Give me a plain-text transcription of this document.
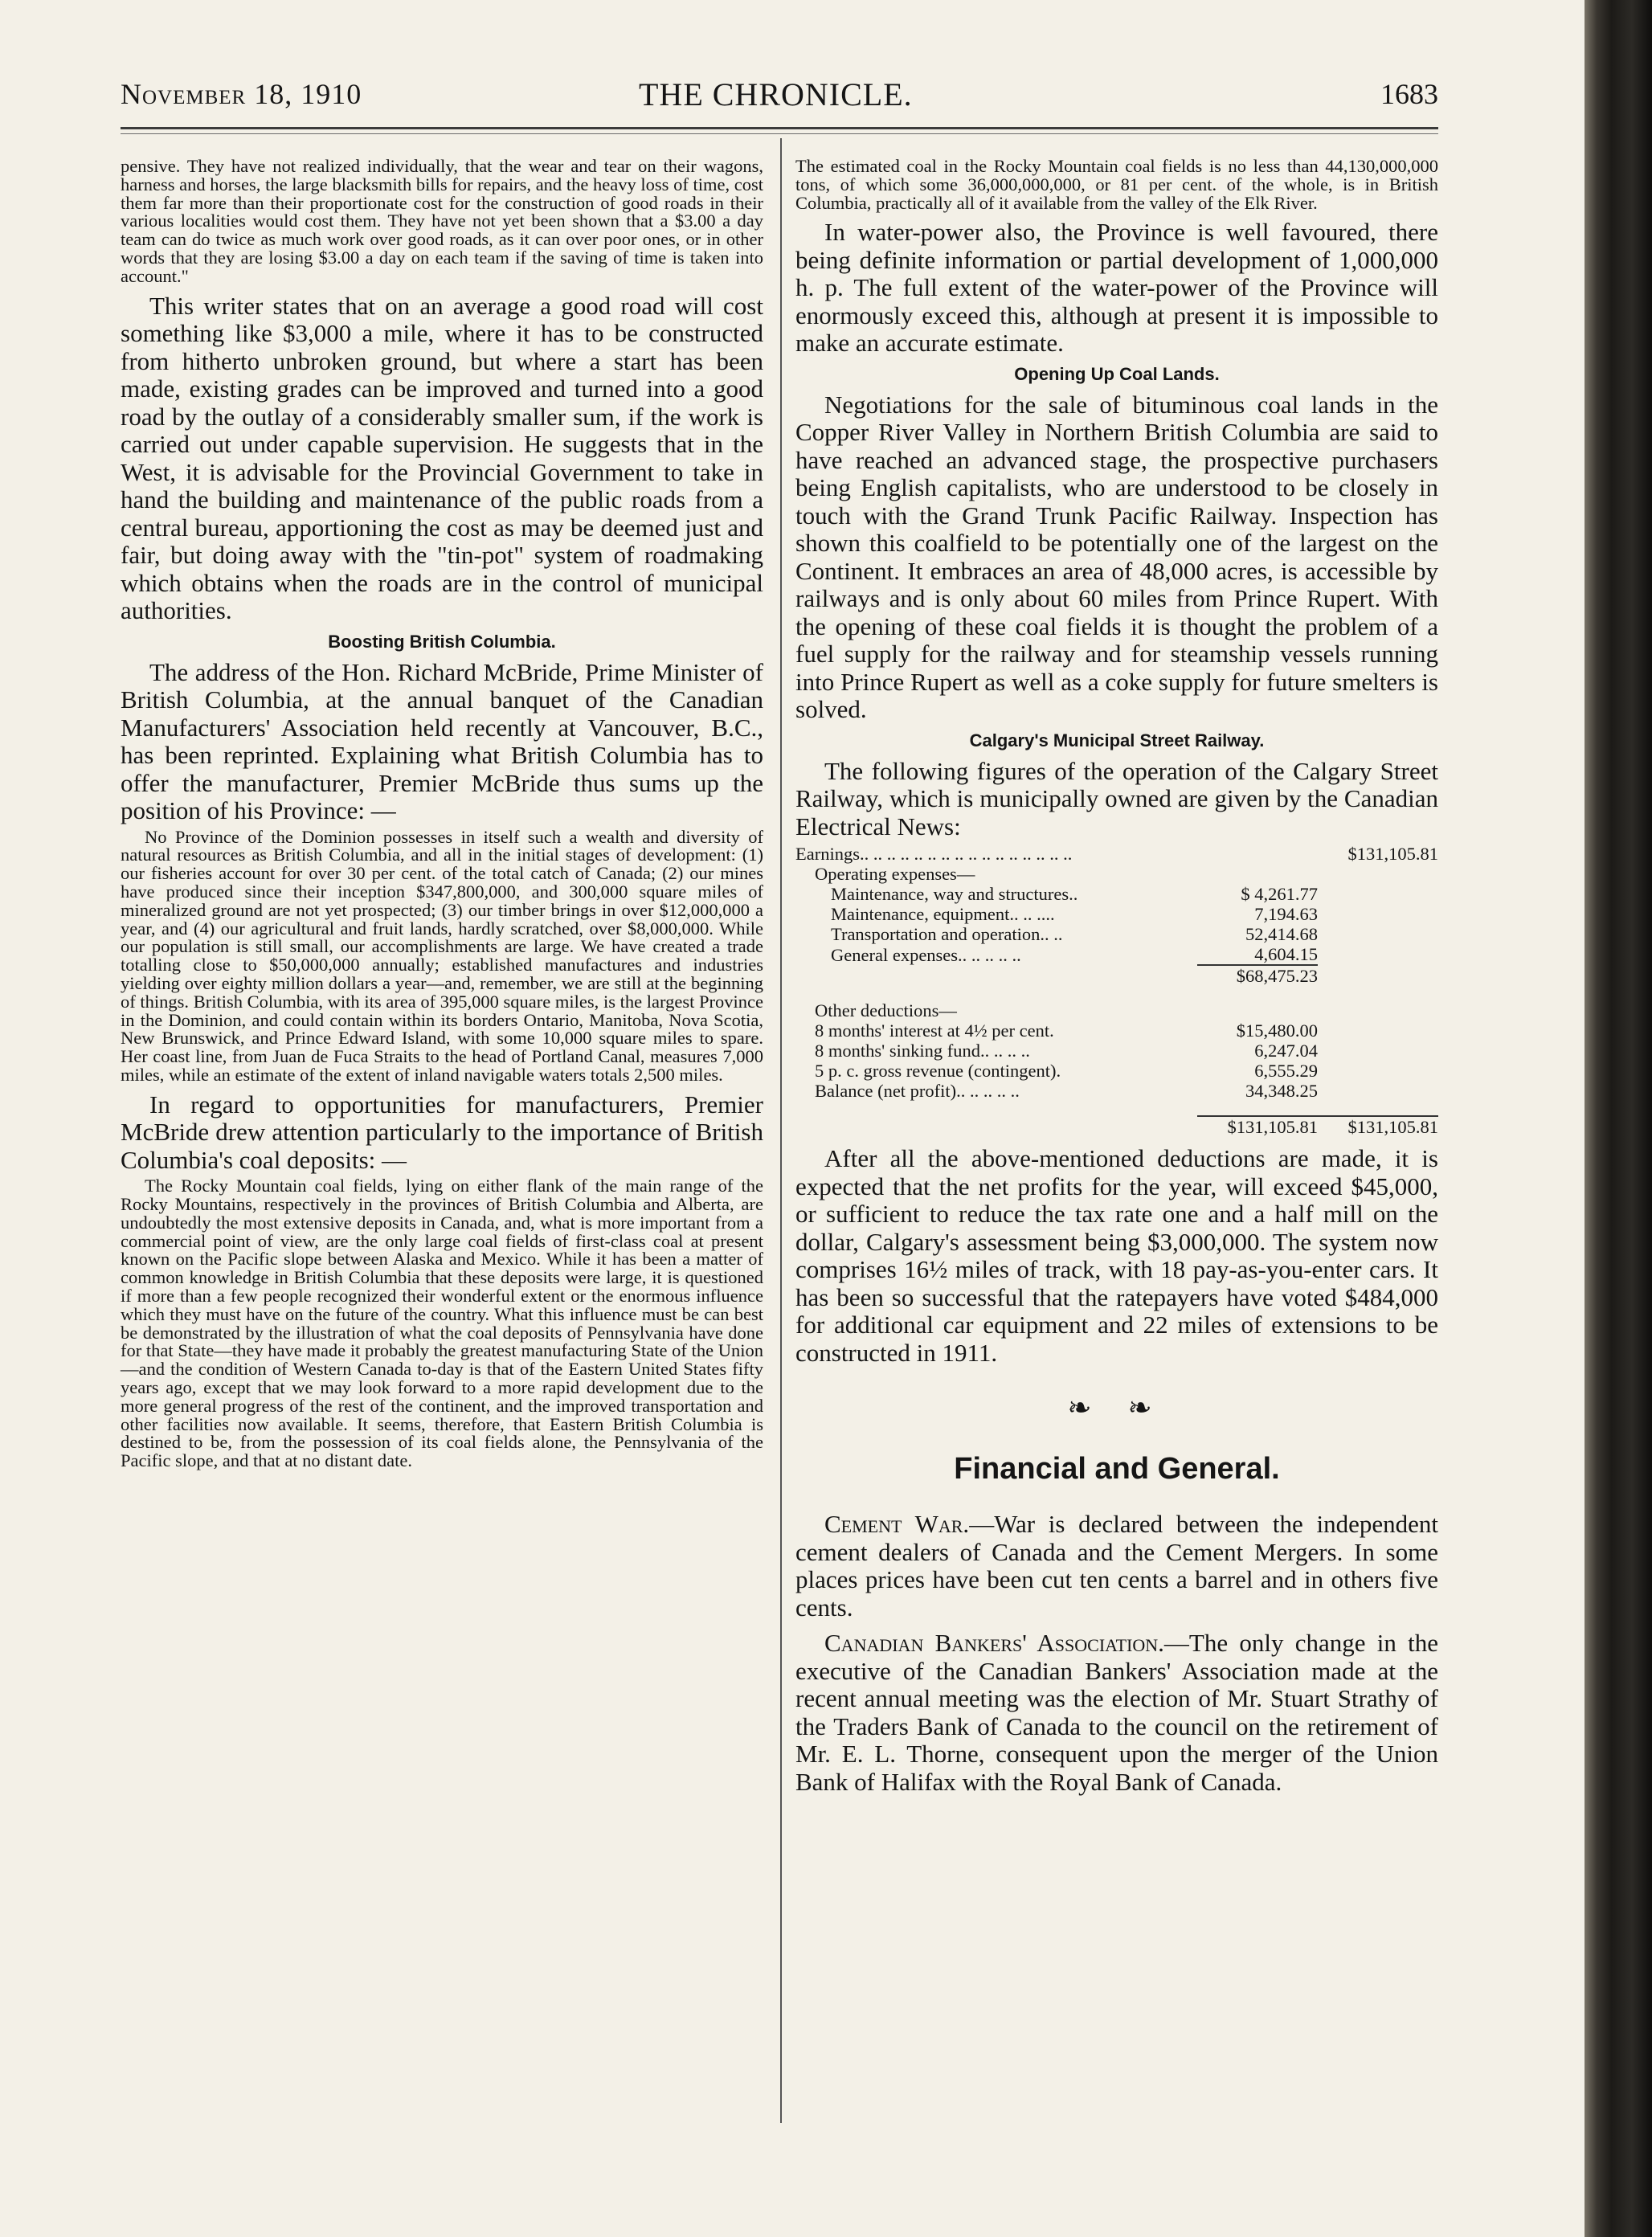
November 18, 1910	THE CHRONICLE.	1683

pensive. They have not realized individually, that the wear and tear on their wagons, harness and horses, the large blacksmith bills for repairs, and the heavy loss of time, cost them far more than their proportionate cost for the construction of good roads in their various localities would cost them. They have not yet been shown that a $3.00 a day team can do twice as much work over good roads, as it can over poor ones, or in other words that they are losing $3.00 a day on each team if the saving of time is taken into account."

This writer states that on an average a good road will cost something like $3,000 a mile, where it has to be constructed from hitherto unbroken ground, but where a start has been made, existing grades can be improved and turned into a good road by the outlay of a considerably smaller sum, if the work is carried out under capable supervision. He suggests that in the West, it is advisable for the Provincial Government to take in hand the building and maintenance of the public roads from a central bureau, apportioning the cost as may be deemed just and fair, but doing away with the "tin-pot" system of roadmaking which obtains when the roads are in the control of municipal authorities.

Boosting British Columbia.

The address of the Hon. Richard McBride, Prime Minister of British Columbia, at the annual banquet of the Canadian Manufacturers' Association held recently at Vancouver, B.C., has been reprinted. Explaining what British Columbia has to offer the manufacturer, Premier McBride thus sums up the position of his Province: —

No Province of the Dominion possesses in itself such a wealth and diversity of natural resources as British Columbia, and all in the initial stages of development: (1) our fisheries account for over 30 per cent. of the total catch of Canada; (2) our mines have produced since their inception $347,800,000, and 300,000 square miles of mineralized ground are not yet prospected; (3) our timber brings in over $12,000,000 a year, and (4) our agricultural and fruit lands, hardly scratched, over $8,000,000. While our population is still small, our accomplishments are large. We have created a trade totalling close to $50,000,000 annually; established manufactures and industries yielding over eighty million dollars a year—and, remember, we are still at the beginning of things. British Columbia, with its area of 395,000 square miles, is the largest Province in the Dominion, and could contain within its borders Ontario, Manitoba, Nova Scotia, New Brunswick, and Prince Edward Island, with some 10,000 square miles to spare. Her coast line, from Juan de Fuca Straits to the head of Portland Canal, measures 7,000 miles, while an estimate of the extent of inland navigable waters totals 2,500 miles.

In regard to opportunities for manufacturers, Premier McBride drew attention particularly to the importance of British Columbia's coal deposits: —

The Rocky Mountain coal fields, lying on either flank of the main range of the Rocky Mountains, respectively in the provinces of British Columbia and Alberta, are undoubtedly the most extensive deposits in Canada, and, what is more important from a commercial point of view, are the only large coal fields of first-class coal at present known on the Pacific slope between Alaska and Mexico. While it has been a matter of common knowledge in British Columbia that these deposits were large, it is questioned if more than a few people recognized their wonderful extent or the enormous influence which they must have on the future of the country. What this influence must be can best be demonstrated by the illustration of what the coal deposits of Pennsylvania have done for that State—they have made it probably the greatest manufacturing State of the Union—and the condition of Western Canada to-day is that of the Eastern United States fifty years ago, except that we may look forward to a more rapid development due to the more general progress of the rest of the continent, and the improved transportation and other facilities now available. It seems, therefore, that Eastern British Columbia is destined to be, from the possession of its coal fields alone, the Pennsylvania of the Pacific slope, and that at no distant date.

The estimated coal in the Rocky Mountain coal fields is no less than 44,130,000,000 tons, of which some 36,000,000,000, or 81 per cent. of the whole, is in British Columbia, practically all of it available from the valley of the Elk River.

In water-power also, the Province is well favoured, there being definite information or partial development of 1,000,000 h. p. The full extent of the water-power of the Province will enormously exceed this, although at present it is impossible to make an accurate estimate.

Opening Up Coal Lands.

Negotiations for the sale of bituminous coal lands in the Copper River Valley in Northern British Columbia are said to have reached an advanced stage, the prospective purchasers being English capitalists, who are understood to be closely in touch with the Grand Trunk Pacific Railway. Inspection has shown this coalfield to be potentially one of the largest on the Continent. It embraces an area of 48,000 acres, is accessible by railways and is only about 60 miles from Prince Rupert. With the opening of these coal fields it is thought the problem of a fuel supply for the railway and for steamship vessels running into Prince Rupert as well as a coke supply for future smelters is solved.

Calgary's Municipal Street Railway.

The following figures of the operation of the Calgary Street Railway, which is municipally owned are given by the Canadian Electrical News:

Earnings.. .. .. .. .. .. .. .. .. .. .. .. .. .. .. ..		$131,105.81
Operating expenses—		
Maintenance, way and structures..	$ 4,261.77	
Maintenance, equipment.. .. ....	7,194.63	
Transportation and operation.. ..	52,414.68	
General expenses.. .. .. .. ..	4,604.15	
	$68,475.23	

Other deductions—		
8 months' interest at 4½ per cent.	$15,480.00	
8 months' sinking fund.. .. .. ..	6,247.04	
5 p. c. gross revenue (contingent).	6,555.29	
Balance (net profit).. .. .. .. ..	34,348.25	

	$131,105.81	$131,105.81

After all the above-mentioned deductions are made, it is expected that the net profits for the year, will exceed $45,000, or sufficient to reduce the tax rate one and a half mill on the dollar, Calgary's assessment being $3,000,000. The system now comprises 16½ miles of track, with 18 pay-as-you-enter cars. It has been so successful that the ratepayers have voted $484,000 for additional car equipment and 22 miles of extensions to be constructed in 1911.

❧ ❧
Financial and General.

Cement War.—War is declared between the independent cement dealers of Canada and the Cement Mergers. In some places prices have been cut ten cents a barrel and in others five cents.

Canadian Bankers' Association.—The only change in the executive of the Canadian Bankers' Association made at the recent annual meeting was the election of Mr. Stuart Strathy of the Traders Bank of Canada to the council on the retirement of Mr. E. L. Thorne, consequent upon the merger of the Union Bank of Halifax with the Royal Bank of Canada.
